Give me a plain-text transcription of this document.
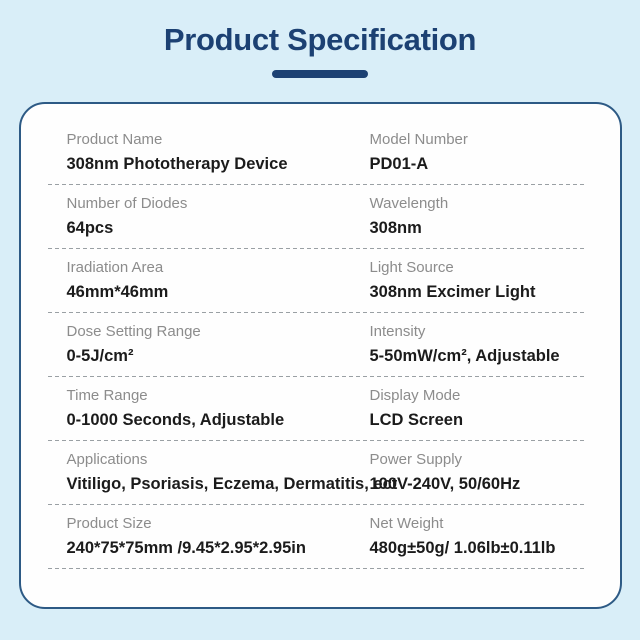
Product Specification
Product Name
308nm Phototherapy Device
Model Number
PD01-A
Number of Diodes
64pcs
Wavelength
308nm
Iradiation Area
46mm*46mm
Light Source
308nm Excimer Light
Dose Setting Range
0-5J/cm²
Intensity
5-50mW/cm², Adjustable
Time Range
0-1000 Seconds, Adjustable
Display Mode
LCD Screen
Applications
Vitiligo, Psoriasis, Eczema, Dermatitis, ect
Power Supply
100V-240V, 50/60Hz
Product Size
240*75*75mm /9.45*2.95*2.95in
Net Weight
480g±50g/ 1.06lb±0.11lb
